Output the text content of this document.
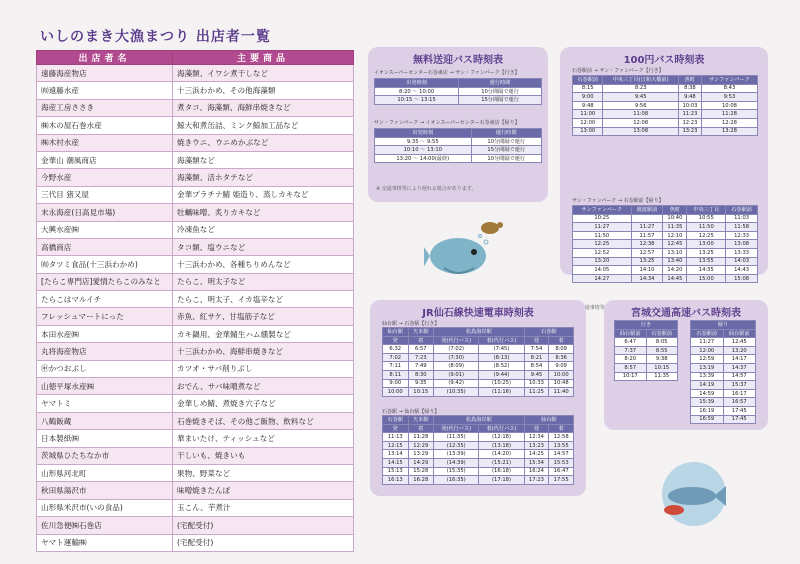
いしのまき大漁まつり 出店者一覧
出店者名	主要商品
遠藤海産物店	海藻類、イワシ煮干しなど
㈲遠藤水産	十三浜わかめ、その他海藻類
海産工房ささき	煮タコ、海藻類、海鮮串焼きなど
㈱木の屋石巻水産	鯨大和煮缶詰、ミンク鯨加工品など
㈱木村水産	焼きウニ、ウニめかぶなど
金華山 潮風商店	海藻類など
今野水産	海藻類、活ホタテなど
三代目 猪又屋	金華プラチナ鯖 姫造り、蒸しカキなど
末永海産(日高見市場)	牡蠣味噌、炙りカキなど
大興水産㈱	冷凍魚など
高橋商店	タコ類、塩ウニなど
㈲タツミ食品(十三浜わかめ)	十三浜わかめ、各種ちりめんなど
[たらこ専門店]愛情たらこのみなと	たらこ、明太子など
たらこはマルイチ	たらこ、明太子、イカ塩辛など
フレッシュマートにった	赤魚、紅サケ、甘塩筋子など
本田水産㈱	カキ鍋用、金華鯖生ハム燻製など
丸将海産物店	十三浜わかめ、海鮮串焼きなど
㊥かつおぶし	カツオ・サバ削りぶし
山徳平塚水産㈱	おでん、サバ味噌煮など
ヤマトミ	金華しめ鯖、煮焼き穴子など
八鶴飯蔵	石巻焼きそば、その他ご飯物、飲料など
日本製紙㈱	華まいたけ、ティッシュなど
茨城県ひたちなか市	干しいも、焼きいも
山形県河北町	果物、野菜など
秋田県湯沢市	味噌焼きたんぽ
山形県米沢市(いの食品)	玉こん、芋煮汁
佐川急便㈱石巻店	(宅配受付)
ヤマト運輸㈱	(宅配受付)
無料送迎バス時刻表
イオンスーパーセンター石巻東店 → サン・ファンパーク【行き】
出発時刻	運行時間
8:20 ～ 10:00	10分間隔で運行
10:15 ～ 13:15	15分間隔で運行
サン・ファンパーク → イオンスーパーセンター石巻東店【帰り】
出発時刻	運行時間
9:35 ～ 9:55	10分間隔で運行
10:10 ～ 13:10	15分間隔で運行
13:20 ～ 14:00(最終)	10分間隔で運行
※ 交通事情等により遅れる場合があります。
100円バス時刻表
石巻駅前 → サン・ファンパーク【行き】
石巻駅前	中央三丁目(日和大橋前)	魚町	サンファンパーク
8:15	8:23	8:38	8:43
9:00	9:45	9:48	9:53
9:48	9:56	10:03	10:08
11:00	11:08	11:23	11:28
12:00	12:08	12:23	12:28
13:00	13:08	13:23	13:28
サン・ファンパーク → 石巻駅前【帰り】
サンファンパーク	渡波駅前	魚町	中央三丁目	石巻駅前
10:25		10:40	10:55	11:03
11:27	11:27	11:35	11:50	11:58
11:50	11:57	12:10	12:25	12:33
12:25	12:38	12:45	13:00	13:08
12:52	12:57	13:10	13:25	13:33
13:20	13:25	13:40	13:55	14:03
14:05	14:10	14:20	14:35	14:43
14:27	14:34	14:45	15:00	15:08
JR仙石線快速電車時刻表
仙台駅 → 石巻駅【行き】
仙台駅	矢本駅	松島海岸駅		石巻駅	
発	着	発(代行バス)	着(代行バス)	発	着
6:32	6:57	(7:02)	(7:45)	7:54	8:09
7:02	7:23	(7:30)	(8:13)	8:21	8:36
7:11	7:49	(8:09)	(8:52)	8:54	9:09
8:11	8:30	(9:01)	(9:44)	9:45	10:00
9:00	9:35	(9:42)	(10:25)	10:33	10:48
10:00	10:15	(10:35)	(11:16)	11:25	11:40
石巻駅 → 仙台駅【帰り】
石巻駅	矢本駅	松島海岸駅		仙台駅	
発	着	発(代行バス)	着(代行バス)	発	着
11:13	11:28	(11:35)	(12:18)	12:34	12:58
12:15	12:29	(12:35)	(13:18)	13:23	13:55
13:14	13:29	(13:39)	(14:20)	14:25	14:57
14:15	14:29	(14:39)	(15:21)	15:34	15:53
15:13	15:28	(15:35)	(16:18)	16:24	16:47
16:13	16:28	(16:35)	(17:18)	17:23	17:55
宮城交通高速バス時刻表
行き	
仙台駅前	石巻駅前
6:47	8:05
7:37	8:55
8:20	9:38
8:57	10:15
10:17	11:35
帰り	
石巻駅前	仙台駅前
11:27	12:45
12:00	13:20
12:59	14:17
13:19	14:37
13:39	14:57
14:19	15:37
14:59	16:17
15:39	16:57
16:19	17:45
16:59	17:45
